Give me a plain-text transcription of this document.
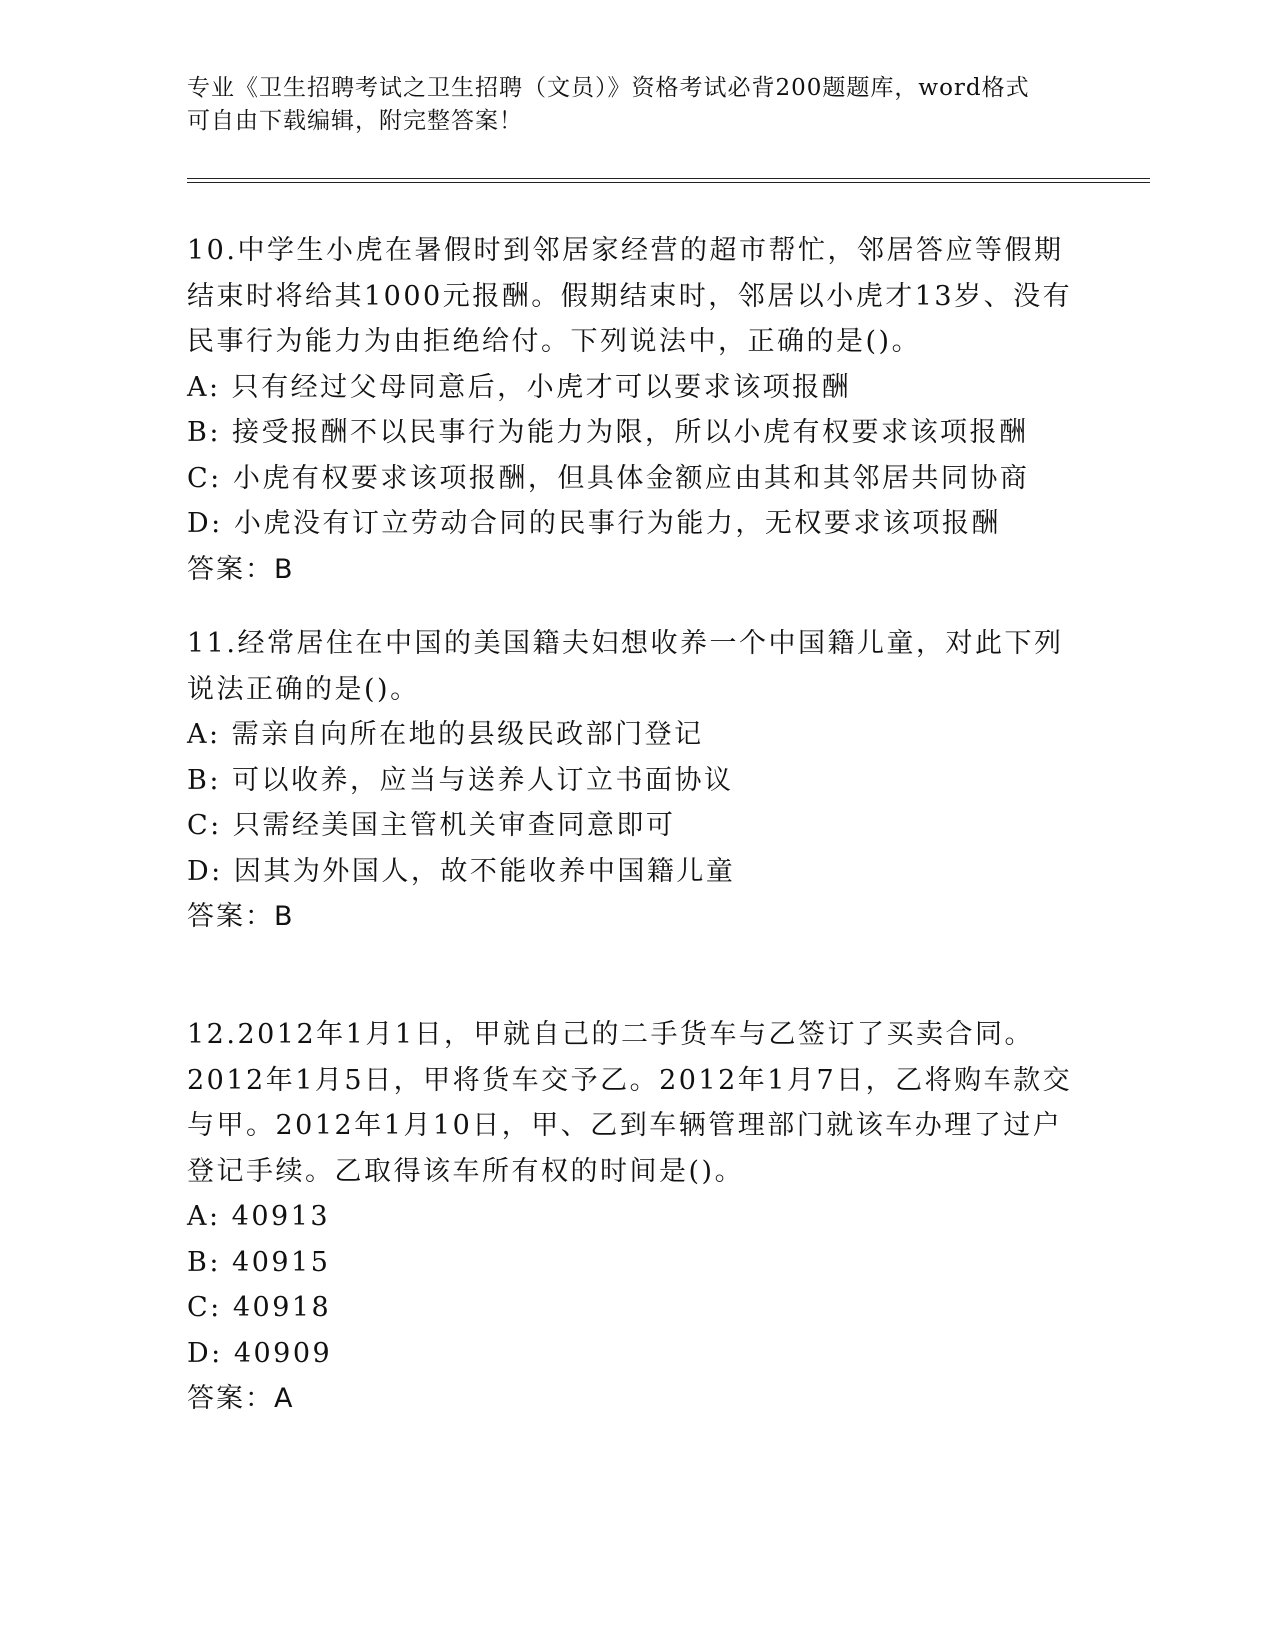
专业《卫生招聘考试之卫生招聘（文员）》资格考试必背200题题库，word格式
可自由下载编辑，附完整答案！

10.中学生小虎在暑假时到邻居家经营的超市帮忙，邻居答应等假期结束时将给其1000元报酬。假期结束时，邻居以小虎才13岁、没有民事行为能力为由拒绝给付。下列说法中，正确的是()。

A: 只有经过父母同意后，小虎才可以要求该项报酬

B: 接受报酬不以民事行为能力为限，所以小虎有权要求该项报酬

C: 小虎有权要求该项报酬，但具体金额应由其和其邻居共同协商

D: 小虎没有订立劳动合同的民事行为能力，无权要求该项报酬

答案：B

11.经常居住在中国的美国籍夫妇想收养一个中国籍儿童，对此下列说法正确的是()。

A: 需亲自向所在地的县级民政部门登记

B: 可以收养，应当与送养人订立书面协议

C: 只需经美国主管机关审查同意即可

D: 因其为外国人，故不能收养中国籍儿童

答案：B

12.2012年1月1日，甲就自己的二手货车与乙签订了买卖合同。2012年1月5日，甲将货车交予乙。2012年1月7日，乙将购车款交与甲。2012年1月10日，甲、乙到车辆管理部门就该车办理了过户登记手续。乙取得该车所有权的时间是()。

A: 40913

B: 40915

C: 40918

D: 40909

答案：A
